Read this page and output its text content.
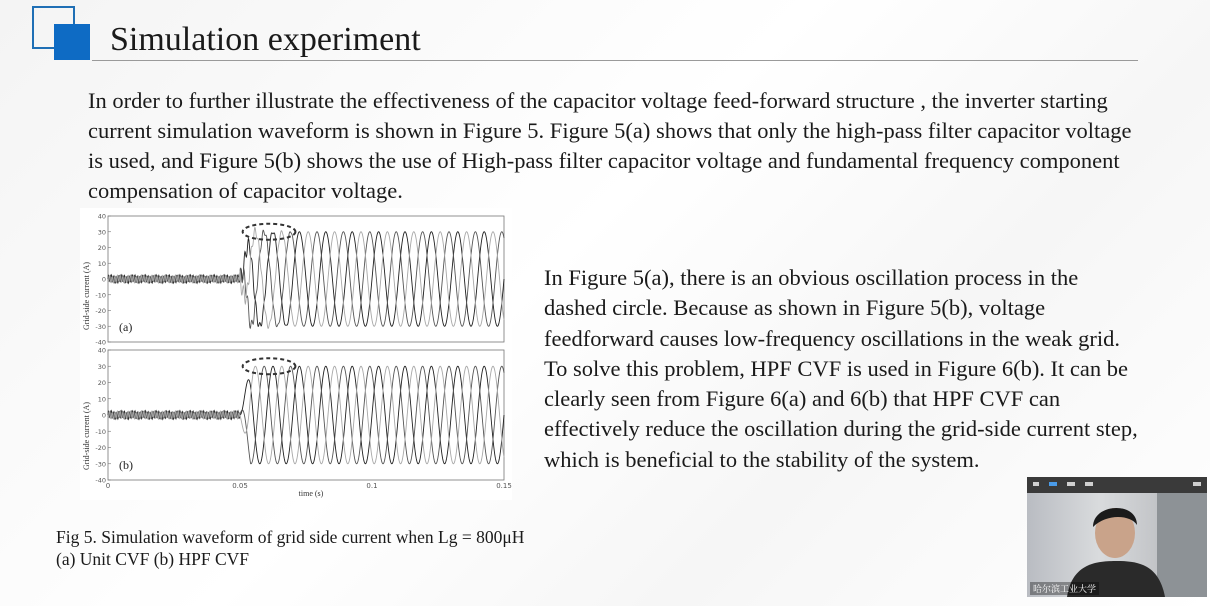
Simulation experiment

In order to further illustrate the effectiveness of the capacitor voltage feed-forward structure , the inverter starting current simulation waveform is shown in Figure 5. Figure 5(a) shows that only the high-pass filter capacitor voltage is used, and Figure 5(b) shows the use of High-pass filter capacitor voltage and fundamental frequency component compensation of capacitor voltage.

40
30
20
10
0
-10
-20
-30
-40
40
30
20
10
0
-10
-20
-30
-40
Grid-side current (A)
Grid-side current (A)
(a)
(b)
time (s)
0	0.05	0.1	0.15

Fig 5. Simulation waveform of grid side current when Lg = 800μH (a) Unit CVF (b) HPF CVF

In Figure 5(a), there is an obvious oscillation process in the dashed circle. Because as shown in Figure 5(b), voltage feedforward causes low-frequency oscillations in the weak grid. To solve this problem, HPF CVF is used in Figure 6(b). It can be clearly seen from Figure 6(a) and 6(b) that HPF CVF can effectively reduce the oscillation during the grid-side current step, which is beneficial to the stability of the system.

哈尔滨工业大学
